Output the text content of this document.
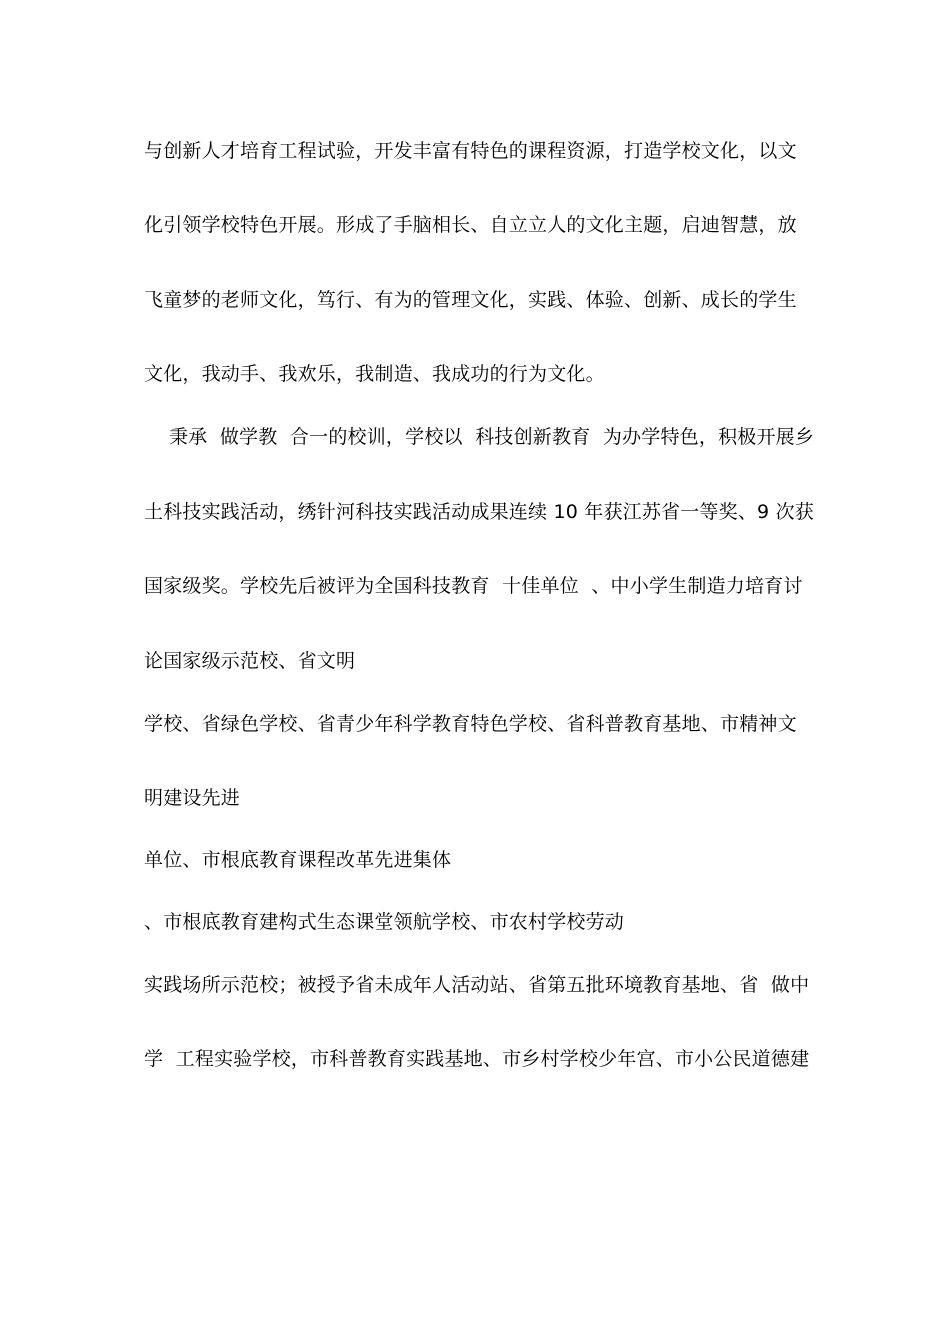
与创新人才培育工程试验，开发丰富有特色的课程资源，打造学校文化，以文
化引领学校特色开展。形成了手脑相长、自立立人的文化主题，启迪智慧，放
飞童梦的老师文化，笃行、有为的管理文化，实践、体验、创新、成长的学生
文化，我动手、我欢乐，我制造、我成功的行为文化。
秉承  做学教  合一的校训，学校以  科技创新教育  为办学特色，积极开展乡
土科技实践活动，绣针河科技实践活动成果连续 10 年获江苏省一等奖、9 次获
国家级奖。学校先后被评为全国科技教育  十佳单位  、中小学生制造力培育讨
论国家级示范校、省文明
学校、省绿色学校、省青少年科学教育特色学校、省科普教育基地、市精神文
明建设先进
单位、市根底教育课程改革先进集体
、市根底教育建构式生态课堂领航学校、市农村学校劳动
实践场所示范校；被授予省未成年人活动站、省第五批环境教育基地、省  做中
学  工程实验学校，市科普教育实践基地、市乡村学校少年宫、市小公民道德建
